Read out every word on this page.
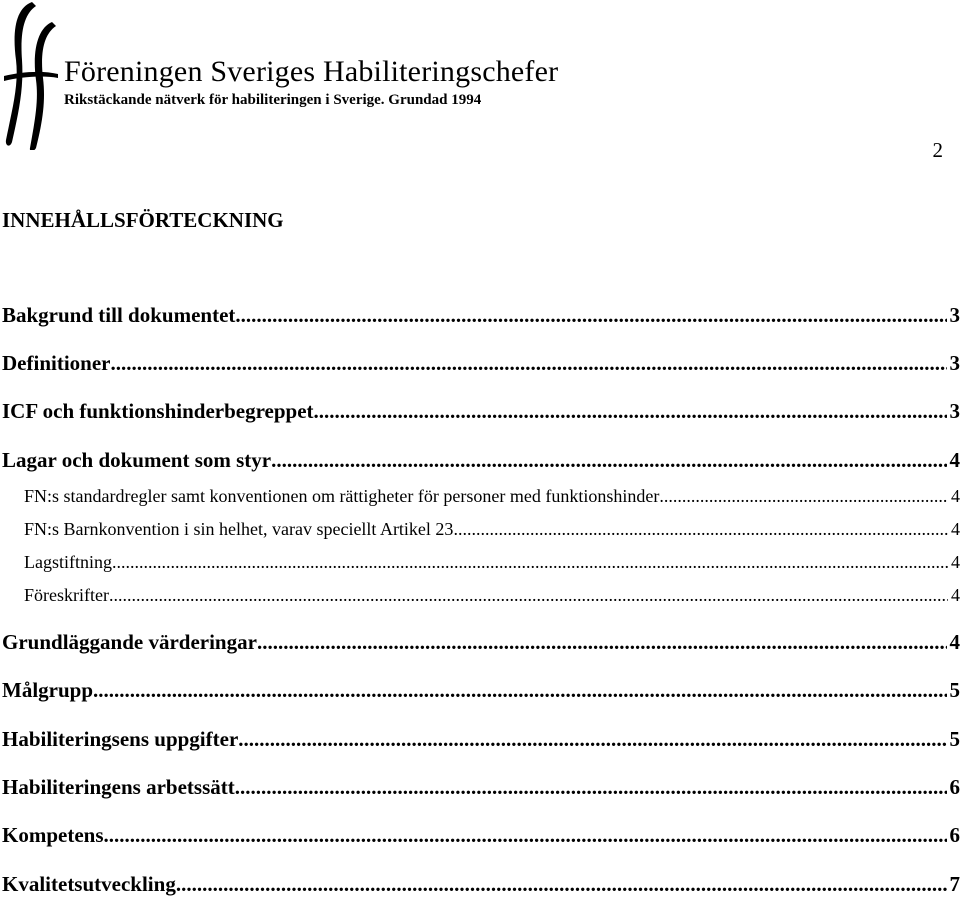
Föreningen Sveriges Habiliteringschefer
Rikstäckande nätverk för habiliteringen i Sverige. Grundad 1994
2
INNEHÅLLSFÖRTECKNING
Bakgrund till dokumentet .....	3
Definitioner .....	3
ICF och funktionshinderbegreppet .....	3
Lagar och dokument som styr .....	4
FN:s standardregler samt konventionen om rättigheter för personer med funktionshinder .....	4
FN:s Barnkonvention i sin helhet, varav speciellt Artikel 23 .....	4
Lagstiftning .....	4
Föreskrifter .....	4
Grundläggande värderingar .....	4
Målgrupp .....	5
Habiliteringsens uppgifter .....	5
Habiliteringens arbetssätt .....	6
Kompetens .....	6
Kvalitetsutveckling .....	7
